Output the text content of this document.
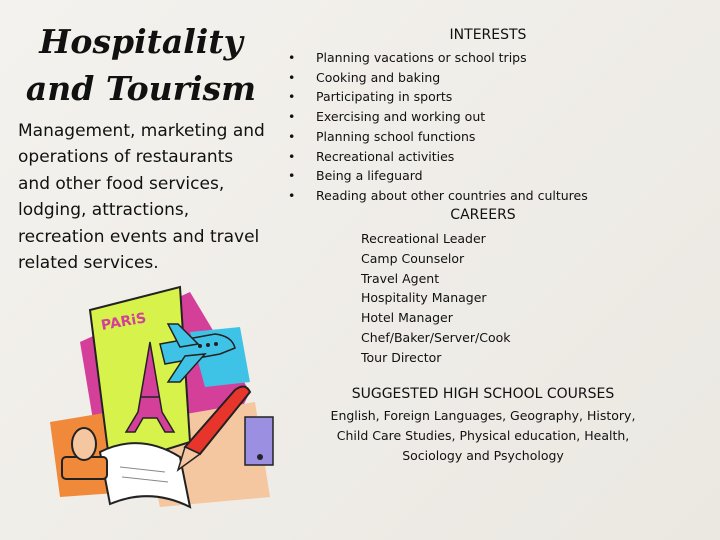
Hospitality
and Tourism
Management, marketing and operations of restaurants and other food services, lodging, attractions, recreation events and travel related services.
PARiS
INTERESTS
• Planning vacations or school trips
• Cooking and baking
• Participating in sports
• Exercising and working out
• Planning school functions
• Recreational activities
• Being a lifeguard
• Reading about other countries and cultures
CAREERS
Recreational Leader
Camp Counselor
Travel Agent
Hospitality Manager
Hotel Manager
Chef/Baker/Server/Cook
Tour Director
SUGGESTED HIGH SCHOOL COURSES
English, Foreign Languages, Geography, History, Child Care Studies, Physical education, Health, Sociology and Psychology
